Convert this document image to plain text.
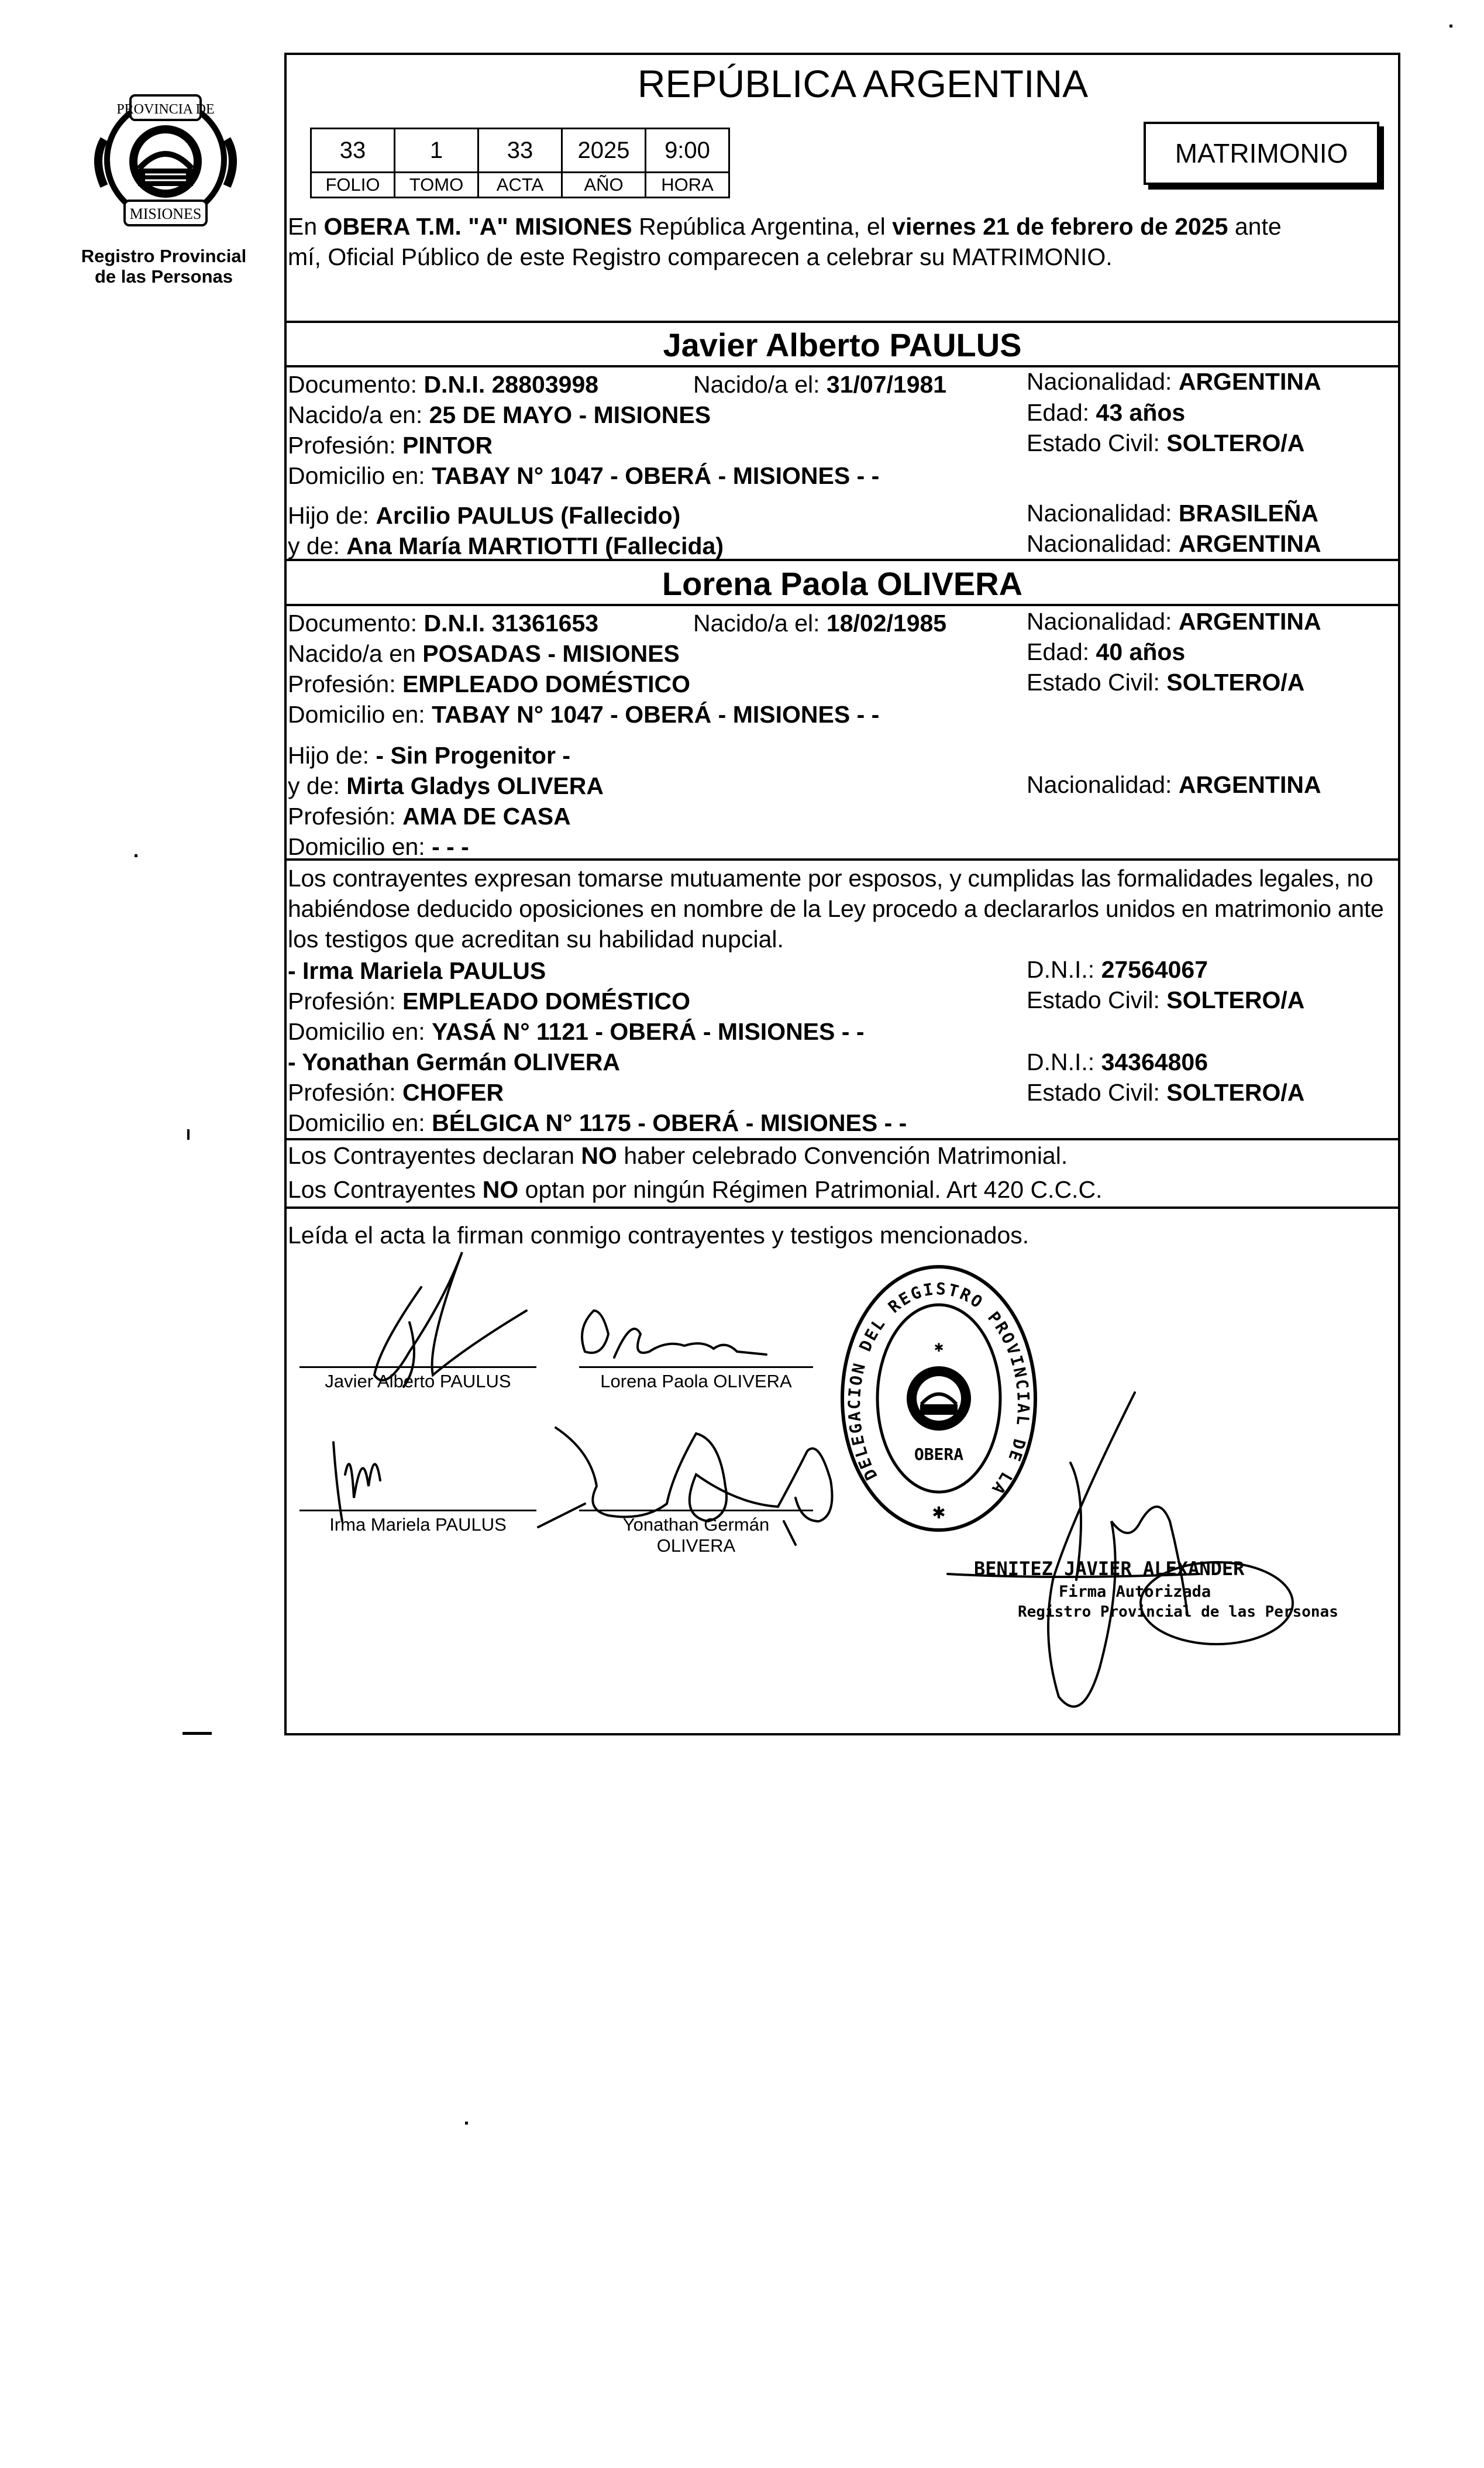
PROVINCIA DE
MISIONES
Registro Provincial
de las Personas
REPÚBLICA ARGENTINA
33	1	33	2025	9:00
FOLIO	TOMO	ACTA	AÑO	HORA
MATRIMONIO
En OBERA T.M. "A" MISIONES República Argentina, el viernes 21 de febrero de 2025 ante
mí, Oficial Público de este Registro comparecen a celebrar su MATRIMONIO.
Javier Alberto PAULUS
Documento: D.N.I. 28803998	Nacido/a el: 31/07/1981	Nacionalidad: ARGENTINA
Nacido/a en: 25 DE MAYO - MISIONES	Edad: 43 años
Profesión: PINTOR	Estado Civil: SOLTERO/A
Domicilio en: TABAY N° 1047 - OBERÁ - MISIONES - -
Hijo de: Arcilio PAULUS (Fallecido)	Nacionalidad: BRASILEÑA
y de: Ana María MARTIOTTI (Fallecida)	Nacionalidad: ARGENTINA
Lorena Paola OLIVERA
Documento: D.N.I. 31361653	Nacido/a el: 18/02/1985	Nacionalidad: ARGENTINA
Nacido/a en POSADAS - MISIONES	Edad: 40 años
Profesión: EMPLEADO DOMÉSTICO	Estado Civil: SOLTERO/A
Domicilio en: TABAY N° 1047 - OBERÁ - MISIONES - -
Hijo de: - Sin Progenitor -
y de: Mirta Gladys OLIVERA	Nacionalidad: ARGENTINA
Profesión: AMA DE CASA
Domicilio en: - - -
Los contrayentes expresan tomarse mutuamente por esposos, y cumplidas las formalidades legales, no
habiéndose deducido oposiciones en nombre de la Ley procedo a declararlos unidos en matrimonio ante
los testigos que acreditan su habilidad nupcial.
- Irma Mariela PAULUS	D.N.I.: 27564067
Profesión: EMPLEADO DOMÉSTICO	Estado Civil: SOLTERO/A
Domicilio en: YASÁ N° 1121 - OBERÁ - MISIONES - -
- Yonathan Germán OLIVERA	D.N.I.: 34364806
Profesión: CHOFER	Estado Civil: SOLTERO/A
Domicilio en: BÉLGICA N° 1175 - OBERÁ - MISIONES - -
Los Contrayentes declaran NO haber celebrado Convención Matrimonial.
Los Contrayentes NO optan por ningún Régimen Patrimonial. Art 420 C.C.C.
Leída el acta la firman conmigo contrayentes y testigos mencionados.
Javier Alberto PAULUS	Lorena Paola OLIVERA
Irma Mariela PAULUS	Yonathan Germán
OLIVERA
DELEGACION DEL REGISTRO PROVINCIAL DE LA
✱
OBERA
✱
BENITEZ JAVIER ALEXANDER
Firma Autorizada
Registro Provincial de las Personas
